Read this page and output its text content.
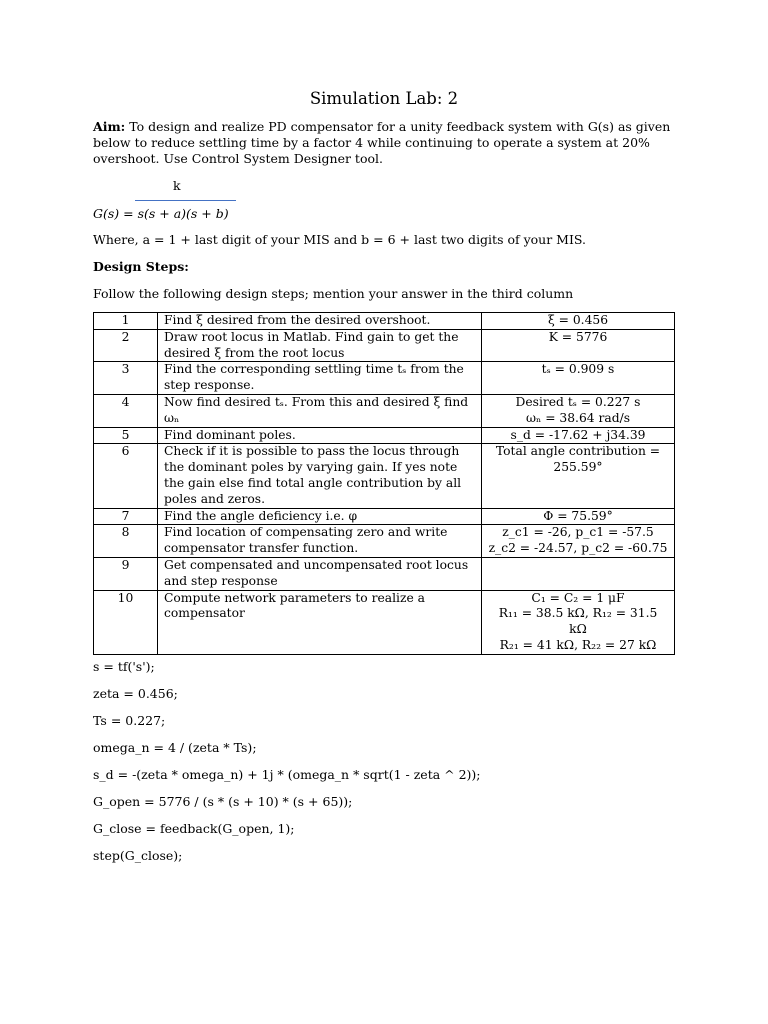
Simulation Lab: 2
Aim: To design and realize PD compensator for a unity feedback system with G(s) as given below to reduce settling time by a factor 4 while continuing to operate a system at 20% overshoot. Use Control System Designer tool.
k
G(s) = s(s + a)(s + b)
Where, a = 1 + last digit of your MIS and b = 6 + last two digits of your MIS.
Design Steps:
Follow the following design steps; mention your answer in the third column
1	Find ξ desired from the desired overshoot.	ξ = 0.456
2	Draw root locus in Matlab. Find gain to get the desired ξ from the root locus	K = 5776
3	Find the corresponding settling time tₛ from the step response.	tₛ = 0.909 s
4	Now find desired tₛ. From this and desired ξ find ωₙ	Desired tₛ = 0.227 s
ωₙ = 38.64 rad/s
5	Find dominant poles.	s_d = -17.62 + j34.39
6	Check if it is possible to pass the locus through the dominant poles by varying gain. If yes note the gain else find total angle contribution by all poles and zeros.	Total angle contribution = 255.59°
7	Find the angle deficiency i.e. φ	Φ = 75.59°
8	Find location of compensating zero and write compensator transfer function.	z_c1 = -26, p_c1 = -57.5
z_c2 = -24.57, p_c2 = -60.75
9	Get compensated and uncompensated root locus and step response	
10	Compute network parameters to realize a compensator	C₁ = C₂ = 1 μF
R₁₁ = 38.5 kΩ, R₁₂ = 31.5 kΩ
R₂₁ = 41 kΩ, R₂₂ = 27 kΩ
s = tf('s');
zeta = 0.456;
Ts = 0.227;
omega_n = 4 / (zeta * Ts);
s_d = -(zeta * omega_n) + 1j * (omega_n * sqrt(1 - zeta ^ 2));
G_open = 5776 / (s * (s + 10) * (s + 65));
G_close = feedback(G_open, 1);
step(G_close);
